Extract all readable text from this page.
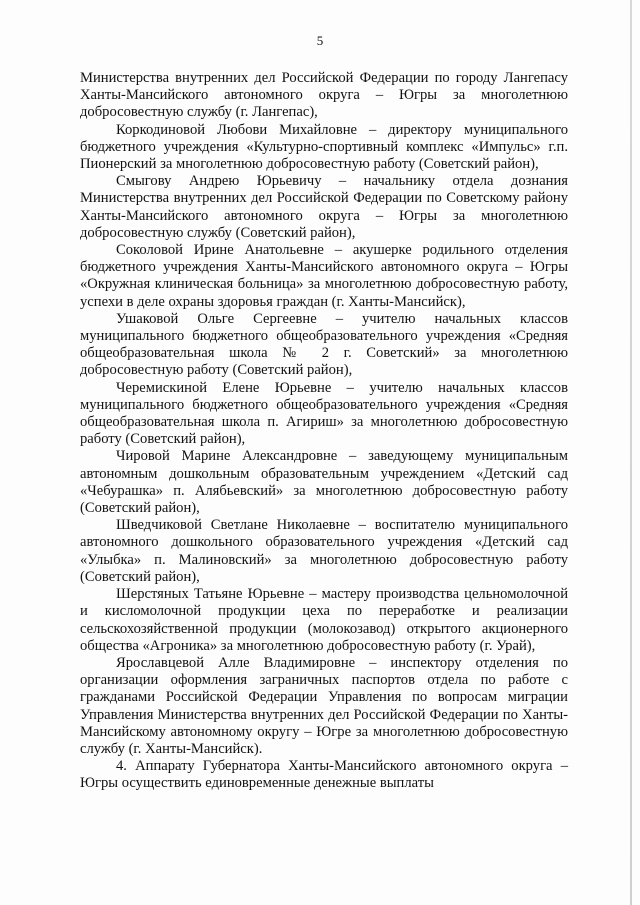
5

Министерства внутренних дел Российской Федерации по городу Лангепасу Ханты-Мансийского автономного округа – Югры за многолетнюю добросовестную службу (г. Лангепас),

Коркодиновой Любови Михайловне – директору муниципального бюджетного учреждения «Культурно-спортивный комплекс «Импульс» г.п. Пионерский за многолетнюю добросовестную работу (Советский район),

Смыгову Андрею Юрьевичу – начальнику отдела дознания Министерства внутренних дел Российской Федерации по Советскому району Ханты-Мансийского автономного округа – Югры за многолетнюю добросовестную службу (Советский район),

Соколовой Ирине Анатольевне – акушерке родильного отделения бюджетного учреждения Ханты-Мансийского автономного округа – Югры «Окружная клиническая больница» за многолетнюю добросовестную работу, успехи в деле охраны здоровья граждан (г. Ханты-Мансийск),

Ушаковой Ольге Сергеевне – учителю начальных классов муниципального бюджетного общеобразовательного учреждения «Средняя общеобразовательная школа № 2 г. Советский» за многолетнюю добросовестную работу (Советский район),

Черемискиной Елене Юрьевне – учителю начальных классов муниципального бюджетного общеобразовательного учреждения «Средняя общеобразовательная школа п. Агириш» за многолетнюю добросовестную работу (Советский район),

Чировой Марине Александровне – заведующему муниципальным автономным дошкольным образовательным учреждением «Детский сад «Чебурашка» п. Алябьевский» за многолетнюю добросовестную работу (Советский район),

Шведчиковой Светлане Николаевне – воспитателю муниципального автономного дошкольного образовательного учреждения «Детский сад «Улыбка» п. Малиновский» за многолетнюю добросовестную работу (Советский район),

Шерстяных Татьяне Юрьевне – мастеру производства цельномолочной и кисломолочной продукции цеха по переработке и реализации сельскохозяйственной продукции (молокозавод) открытого акционерного общества «Агроника» за многолетнюю добросовестную работу (г. Урай),

Ярославцевой Алле Владимировне – инспектору отделения по организации оформления заграничных паспортов отдела по работе с гражданами Российской Федерации Управления по вопросам миграции Управления Министерства внутренних дел Российской Федерации по Ханты-Мансийскому автономному округу – Югре за многолетнюю добросовестную службу (г. Ханты-Мансийск).

4. Аппарату Губернатора Ханты-Мансийского автономного округа – Югры осуществить единовременные денежные выплаты
